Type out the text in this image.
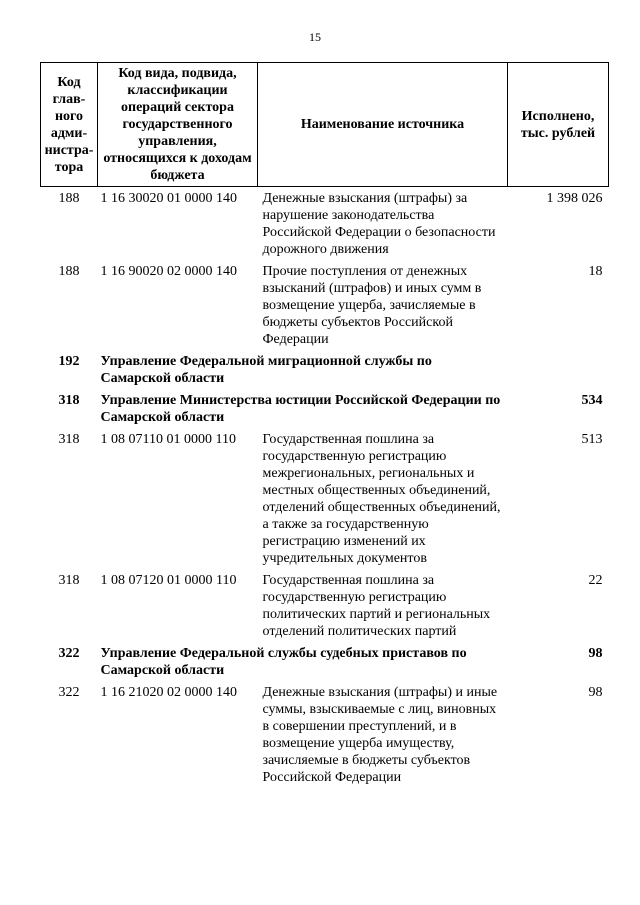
15
Код глав-ного адми-нистра-тора	Код вида, подвида, классификации операций сектора государственного управления, относящихся к доходам бюджета	Наименование источника	Исполнено, тыс. рублей
188	1 16 30020 01 0000 140	Денежные взыскания (штрафы) за нарушение законодательства Российской Федерации о безопасности дорожного движения	1 398 026
188	1 16 90020 02 0000 140	Прочие поступления от денежных взысканий (штрафов) и иных сумм в возмещение ущерба, зачисляемые в бюджеты субъектов Российской Федерации	18
192	Управление Федеральной миграционной службы по Самарской области		
318	Управление Министерства юстиции Российской Федерации по Самарской области		534
318	1 08 07110 01 0000 110	Государственная пошлина за государственную регистрацию межрегиональных, региональных и местных общественных объединений, отделений общественных объединений, а также за государственную регистрацию изменений их учредительных документов	513
318	1 08 07120 01 0000 110	Государственная пошлина за государственную регистрацию политических партий и региональных отделений политических партий	22
322	Управление Федеральной службы судебных приставов по Самарской области		98
322	1 16 21020 02 0000 140	Денежные взыскания (штрафы) и иные суммы, взыскиваемые с лиц, виновных в совершении преступлений, и в возмещение ущерба имуществу, зачисляемые в бюджеты субъектов Российской Федерации	98
